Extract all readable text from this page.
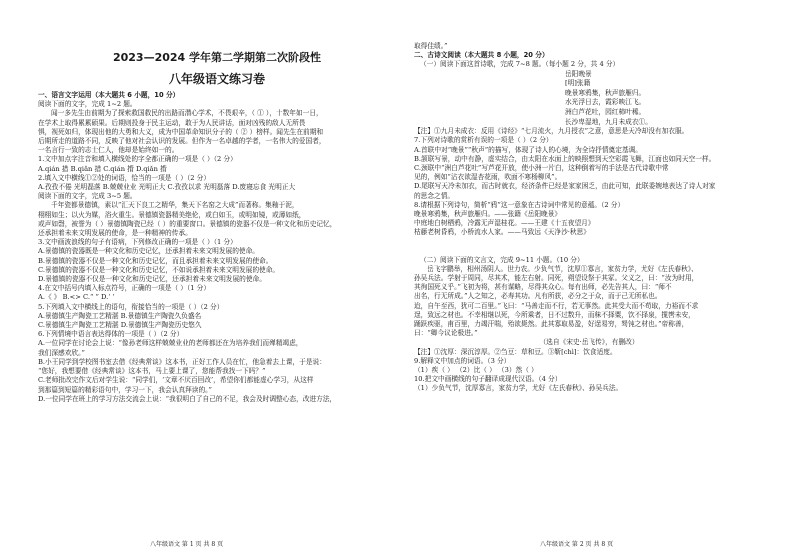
2023—2024 学年第二学期第二次阶段性
八年级语文练习卷
一、语言文字运用（本大题共 6 小题，10 分）
阅读下面的文字，完成 1~2 题。
闻一多先生由前期为了探索救国救民的出路而潜心学术，不畏艰辛，（ ① ），十数年如一日，
在学术上取得累累硕果。后期则投身于民主运动，敢于为人民讲话，面对凶残的敌人无所畏
惧，视死如归，体现出他的大勇和大义，成为中国革命知识分子的（ ② ）榜样。闻先生在前期和
后期所走的道路不同，反映了他对社会认识的发展。但作为一名卓越的学者，一名伟大的爱国者，
一名言行一致的志士仁人，他却是始终如一的。
1.文中加点字注音和填入横线处的字全都正确的一项是（ ）（2 分）
A.qián 措 B.qiǎn 措 C.qián 揹 D.qiǎn 揹
2.填入文中横线①②处的词语，恰当的一项是（ ）（2 分）
A.孜孜不倦 光明磊落 B.兢兢业业 光明正大 C.孜孜以求 光明磊落 D.废寝忘食 光明正大
阅读下面的文字，完成 3~5 题。
千年瓷都景德镇，素以“汇天下良工之精华，集天下名窑之大成”而著称。集釉于泥，
栩栩如生；以火为媒，浴火重生。景德镇瓷器精美绝伦，或白如玉，或明如镜，或薄如纸，
或声如磬，被誉为（ ）景德镇陶瓷已经（ ）的重要窗口。景德镇的瓷器不仅是一种文化和历史记忆，
还承担着未来文明发展的使命，是一种精神的传承。
3.文中画波浪线的句子有语病，下列修改正确的一项是（ ）（1 分）
A.景德镇的瓷器既是一种文化和历史记忆，还承担着未来文明发展的使命。
B.景德镇的瓷器不仅是一种文化和历史记忆，而且承担着未来文明发展的使命。
C.景德镇的瓷器不仅是一种文化和历史记忆，不如说承担着未来文明发展的使命。
D.景德镇的瓷器不仅是一种文化和历史记忆，还承担着未来文明发展的使命。
4.在文中括号内填入标点符号，正确的一项是（ ）（1 分）
A.《 》 B.<> C.“ ” D.‘ ’
5.下列填入文中横线上的语句，衔接恰当的一项是（ ）（2 分）
A.景德镇生产陶瓷工艺精湛 B.景德镇生产陶瓷久负盛名
C.景德镇生产陶瓷工艺精湛 D.景德镇生产陶瓷历史悠久
6.下列情境中语言表达得体的一项是（ ）（2 分）
A.一位同学在讨论会上说：“像孙老师这样兢兢业业的老师都还在为培养我们而殚精竭虑，
我们深感欢欣。”
B.小王同学到学校图书室去借《经典常谈》这本书，正好工作人员在忙，他急着去上课，于是说：
“您好，我想要借《经典常谈》这本书，马上要上课了，您能帮我找一下吗？”
C.老师批改完作文后对学生说：“同学们，‘文章不厌百回改’，希望你们都能虚心学习，从这样
到那篇到短篇的精彩语句中，学习一下，我会认真拜读的。”
D.一位同学在班上的学习方法交流会上说：“我很明白了自己的不足，我会及时调整心态，改进方法，
取得佳绩。”
二、古诗文阅读（本大题共 8 小题，20 分）
（一）阅读下面这首诗歌，完成 7~8 题。（每小题 2 分，共 4 分）
岳阳晚景
[明]张籍
晚景寒鸦集，秋声旅雁归。
水光浮日去，霞彩映江飞。
洲白芦花吐，园红柿叶稀。
长沙卑湿地，九月未成衣①。
【注】①九月未成衣：反用《诗经》“七月流火，九月授衣”之意，意思是天冷却没有加衣服。
7.下列对诗歌的赏析有误的一项是（ ）（2 分）
A.首联中对“晚景”“秋声”的描写，体现了诗人的心境，为全诗抒情奠定基调。
B.颔联写景，动中有静，虚实结合，由太阳在水面上的映照想到天空彩霞飞舞，江面也如同天空一样。
C.颈联中“洲白芦花吐”写芦花开放，使小洲一片白，这种倒着写的手法是古代诗歌中常
见的，例如“沾衣欲湿杏花雨，吹面不寒杨柳风”。
D.尾联写天冷未加衣，而古时就衣，经济条件已经是家家困乏，由此可知，此联委婉地表达了诗人对家
的思念之情。
8.请根据下列诗句，简析“鸦”这一意象在古诗词中常见的意蕴。（2 分）
晚景寒鸦集，秋声旅雁归。——张籍《岳阳晚景》
中庭地白树栖鸦，冷露无声湿桂花。——王建《十五夜望月》
枯藤老树昏鸦，小桥流水人家。——马致远《天净沙·秋思》
（二）阅读下面的文言文，完成 9~11 小题。（10 分）
岳飞字鹏举，相州汤阴人。世力农。少负气节，沈厚①寡言，家贫力学，尤好《左氏春秋》、
孙吴兵法。学射于周同，尽其术，能左右射。同死，朔望设祭于其冢。父义之，曰：“汝为时用，
其徇国死义乎。”飞初为将，甚有谋略，尽得其众心。每有出师，必先告其人，曰：“师不
出名，行无所成。”人之知之，必寿其功。凡有所获，必分之于众，而于己无所私也。
迨，自午至西，犹可二百里。”飞曰：“马善走而不行，若无事然。此其受大而不苟取，力裕而不求
逞，致远之材也。不幸相继以死，今所乘者，日不过数升，而秣不择粟，饮不择泉，揽辔未安，
踊跃疾驱，甫百里，力竭汗喘，殆欲毙然。此其寡取易盈，好逞易穷，驽钝之材也。”帝称善，
曰：“卿今议论极进。”
（选自《宋史·岳飞传》，有删改）
【注】①沈厚：深沉淳厚。②刍豆：草和豆。③靳[chì]：饮食适度。
9.解释文中加点的词语。（3 分）
（1）疾（ ） （2）比（ ） （3）然（ ）
10.把文中画横线的句子翻译成现代汉语。（4 分）
（1）少负气节，沈厚寡言，家贫力学，尤好《左氏春秋》、孙吴兵法。
八年级语文 第 1 页 共 8 页	八年级语文 第 2 页 共 8 页
